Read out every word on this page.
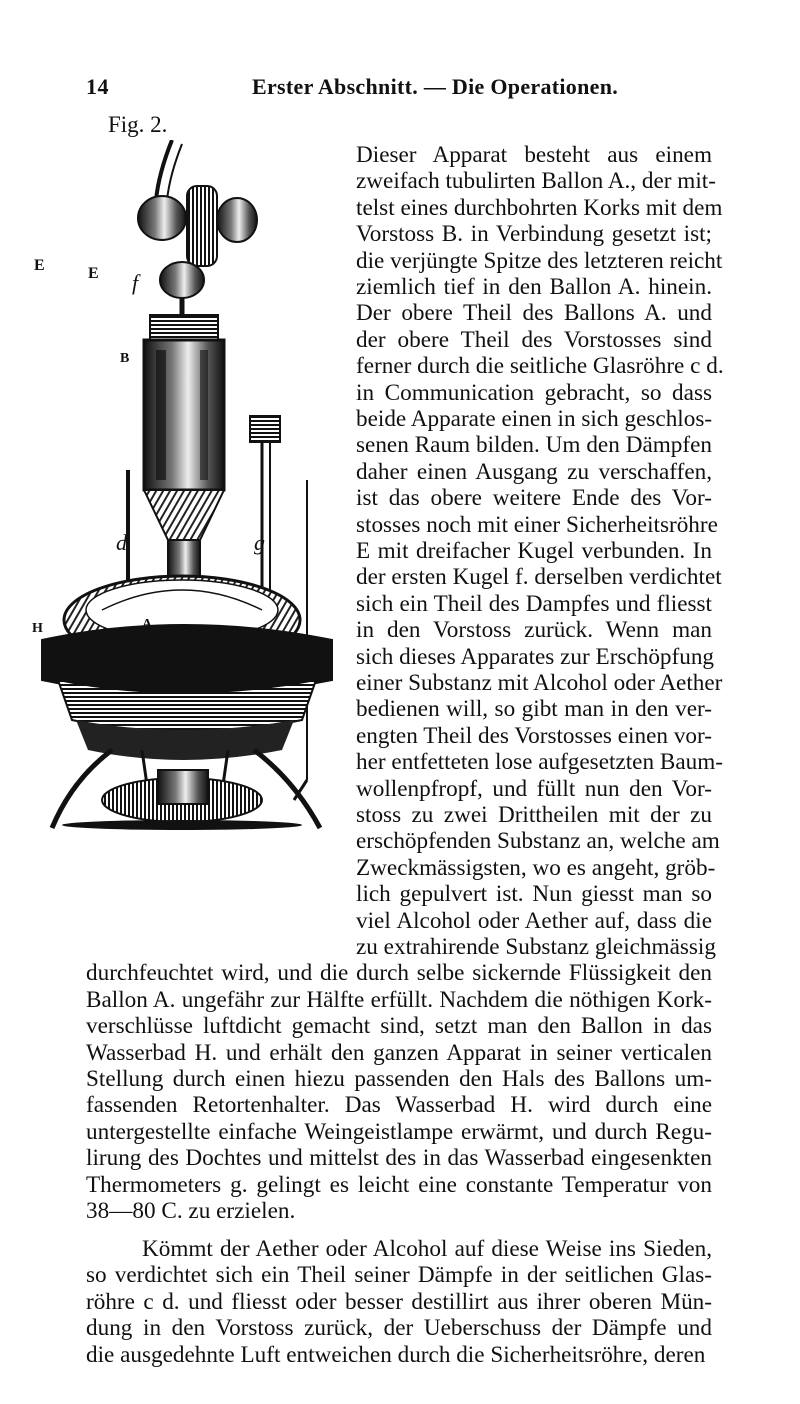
14	Erster Abschnitt. — Die Operationen.
Fig. 2.
E f
E
B
d	g
A
H
Dieser Apparat besteht aus einem
zweifach tubulirten Ballon A., der mit-
telst eines durchbohrten Korks mit dem
Vorstoss B. in Verbindung gesetzt ist;
die verjüngte Spitze des letzteren reicht
ziemlich tief in den Ballon A. hinein.
Der obere Theil des Ballons A. und
der obere Theil des Vorstosses sind
ferner durch die seitliche Glasröhre c d.
in Communication gebracht, so dass
beide Apparate einen in sich geschlos-
senen Raum bilden. Um den Dämpfen
daher einen Ausgang zu verschaffen,
ist das obere weitere Ende des Vor-
stosses noch mit einer Sicherheitsröhre
E mit dreifacher Kugel verbunden. In
der ersten Kugel f. derselben verdichtet
sich ein Theil des Dampfes und fliesst
in den Vorstoss zurück. Wenn man
sich dieses Apparates zur Erschöpfung
einer Substanz mit Alcohol oder Aether
bedienen will, so gibt man in den ver-
engten Theil des Vorstosses einen vor-
her entfetteten lose aufgesetzten Baum-
wollenpfropf, und füllt nun den Vor-
stoss zu zwei Drittheilen mit der zu
erschöpfenden Substanz an, welche am
Zweckmässigsten, wo es angeht, gröb-
lich gepulvert ist. Nun giesst man so
viel Alcohol oder Aether auf, dass die
zu extrahirende Substanz gleichmässig
durchfeuchtet wird, und die durch selbe sickernde Flüssigkeit den
Ballon A. ungefähr zur Hälfte erfüllt. Nachdem die nöthigen Kork-
verschlüsse luftdicht gemacht sind, setzt man den Ballon in das
Wasserbad H. und erhält den ganzen Apparat in seiner verticalen
Stellung durch einen hiezu passenden den Hals des Ballons um-
fassenden Retortenhalter. Das Wasserbad H. wird durch eine
untergestellte einfache Weingeistlampe erwärmt, und durch Regu-
lirung des Dochtes und mittelst des in das Wasserbad eingesenkten
Thermometers g. gelingt es leicht eine constante Temperatur von
38—80 C. zu erzielen.
Kömmt der Aether oder Alcohol auf diese Weise ins Sieden,
so verdichtet sich ein Theil seiner Dämpfe in der seitlichen Glas-
röhre c d. und fliesst oder besser destillirt aus ihrer oberen Mün-
dung in den Vorstoss zurück, der Ueberschuss der Dämpfe und
die ausgedehnte Luft entweichen durch die Sicherheitsröhre, deren
